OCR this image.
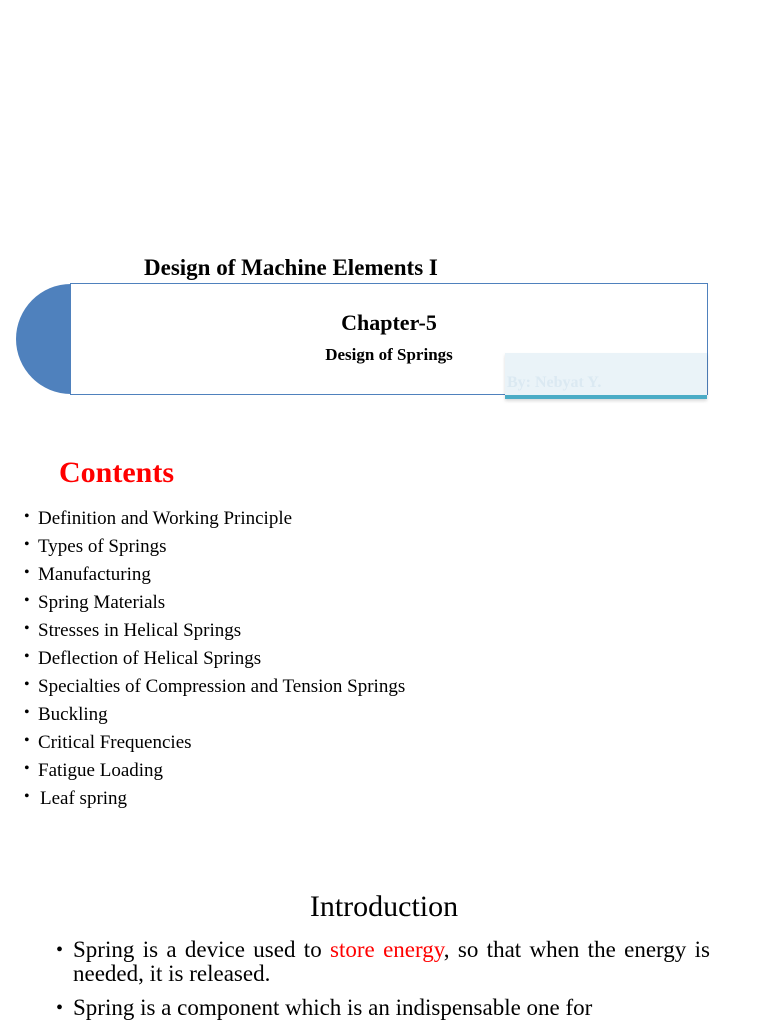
Design of Machine Elements I
Chapter-5
Design of Springs
By: Nebyat Y.
Contents
• Definition and Working Principle
• Types of Springs
• Manufacturing
• Spring Materials
• Stresses in Helical Springs
• Deflection of Helical Springs
• Specialties of Compression and Tension Springs
• Buckling
• Critical Frequencies
• Fatigue Loading
• Leaf spring
Introduction
• Spring is a device used to store energy, so that when the energy is needed, it is released.
• Spring is a component which is an indispensable one for
